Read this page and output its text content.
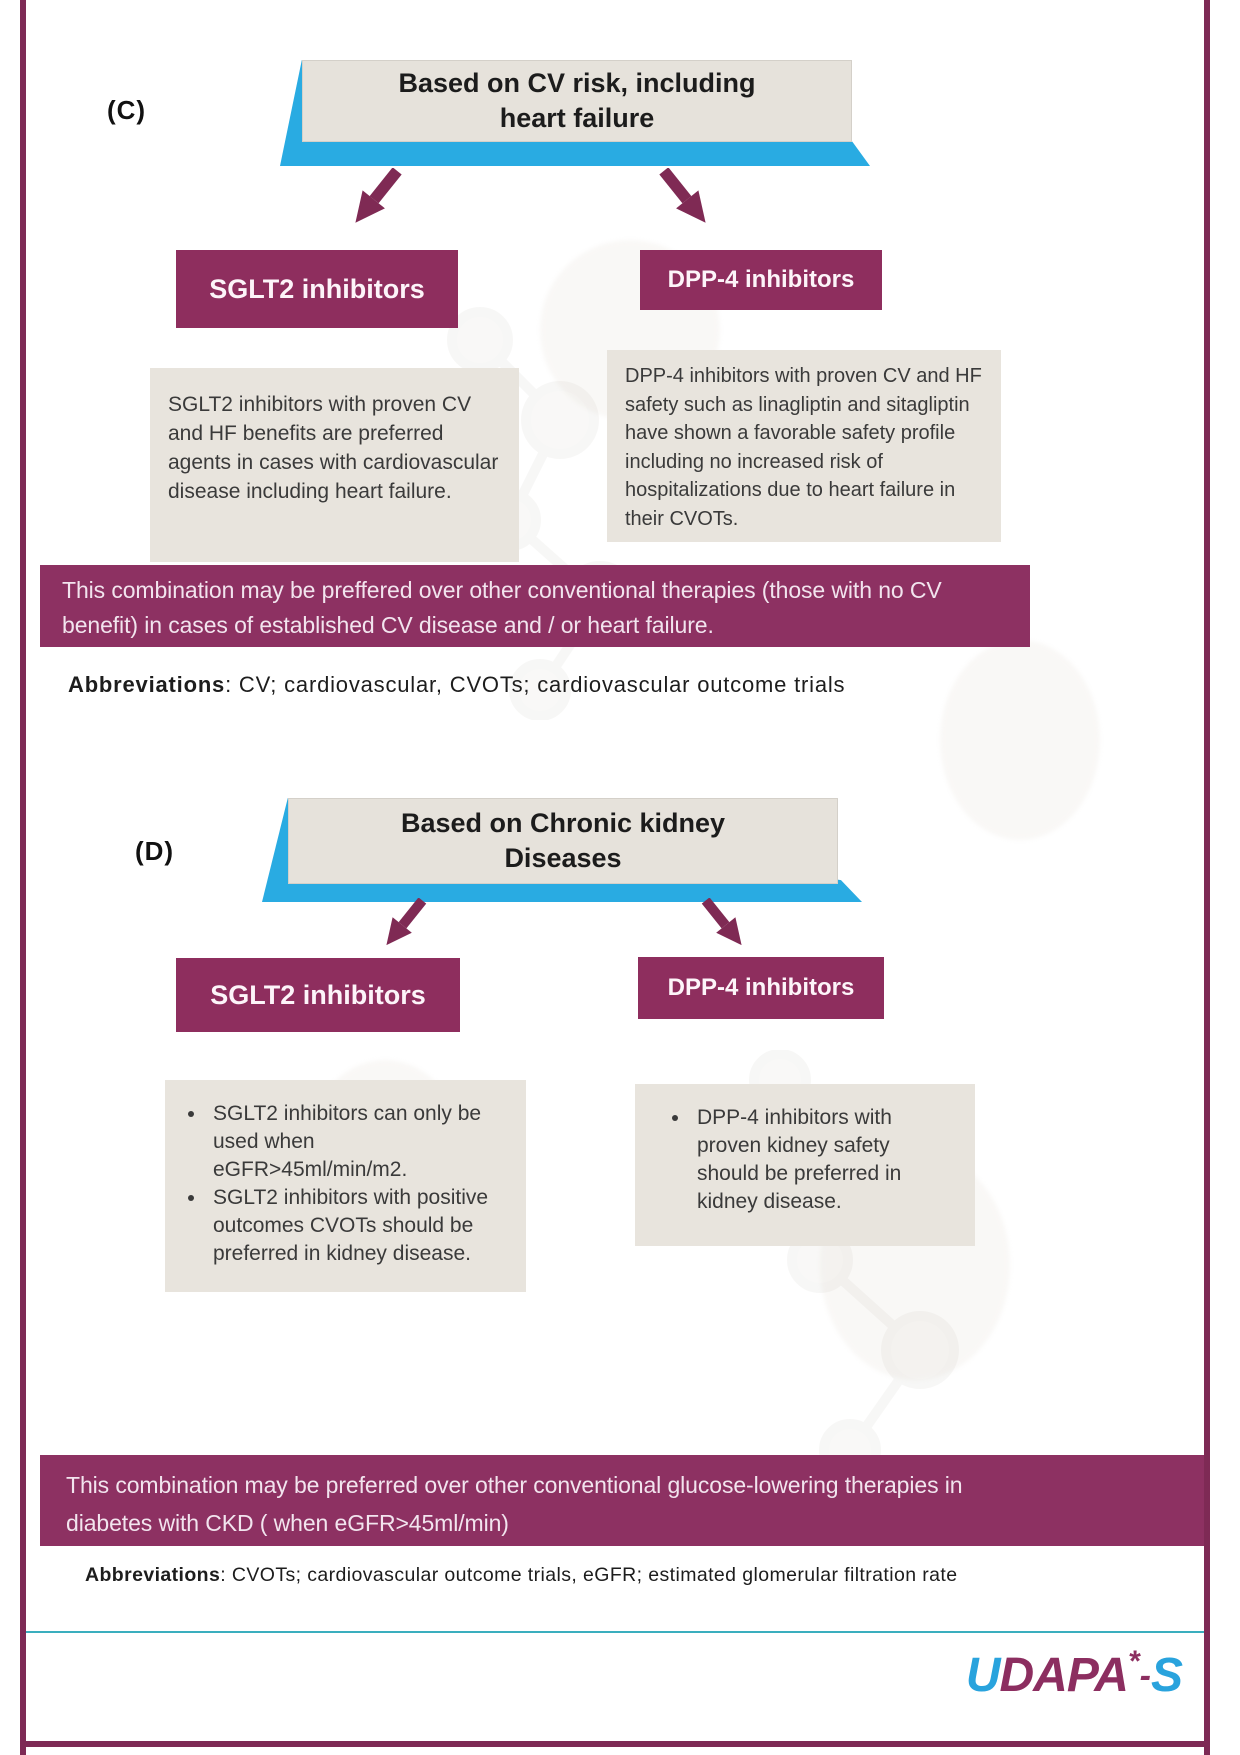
(C)
Based on CV risk, including heart failure
SGLT2 inhibitors	DPP-4 inhibitors

SGLT2 inhibitors with proven CV and HF benefits are preferred agents in cases with cardiovascular disease including heart failure.

DPP-4 inhibitors with proven CV and HF safety such as linagliptin and sitagliptin have shown a favorable safety profile including no increased risk of hospitalizations due to heart failure in their CVOTs.

This combination may be preffered over other conventional therapies (those with no CV benefit) in cases of established CV disease and / or heart failure.
Abbreviations: CV; cardiovascular, CVOTs; cardiovascular outcome trials
(D)
Based on Chronic kidney Diseases
SGLT2 inhibitors	DPP-4 inhibitors
• SGLT2 inhibitors can only be used when eGFR>45ml/min/m2.
• SGLT2 inhibitors with positive outcomes CVOTs should be preferred in kidney disease.
• DPP-4 inhibitors with proven kidney safety should be preferred in kidney disease.
This combination may be preferred over other conventional glucose-lowering therapies in diabetes with CKD ( when eGFR>45ml/min)
Abbreviations: CVOTs; cardiovascular outcome trials, eGFR; estimated glomerular filtration rate
UDAPA*-S
